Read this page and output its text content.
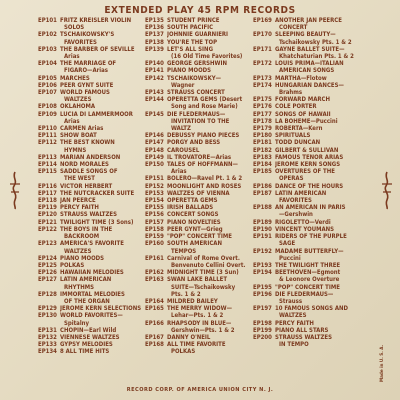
EXTENDED PLAY 45 RPM RECORDS
EP101 FRITZ KREISLER VIOLIN
SOLOS
EP102 TSCHAIKOWSKY'S
FAVORITES
EP103 THE BARBER OF SEVILLE
Arias
EP104 THE MARRIAGE OF
FIGARO—Arias
EP105 MARCHES
EP106 PEER GYNT SUITE
EP107 WORLD FAMOUS
WALTZES
EP108 OKLAHOMA
EP109 LUCIA DI LAMMERMOOR
Arias
EP110 CARMEN Arias
EP111 SHOW BOAT
EP112 THE BEST KNOWN
HYMNS
EP113 MARIAN ANDERSON
EP114 NORD MORALES
EP115 SADDLE SONGS OF
THE WEST
EP116 VICTOR HERBERT
EP117 THE NUTCRACKER SUITE
EP118 JAN PEERCE
EP119 PERCY FAITH
EP120 STRAUSS WALTZES
EP121 TWILIGHT TIME (3 Sons)
EP122 THE BOYS IN THE
BACKROOM
EP123 AMERICA'S FAVORITE
WALTZES
EP124 PIANO MOODS
EP125 POLKAS
EP126 HAWAIIAN MELODIES
EP127 LATIN AMERICAN
RHYTHMS
EP128 IMMORTAL MELODIES
OF THE ORGAN
EP129 JEROME KERN SELECTIONS
EP130 WORLD FAVORITES—
Spitalny
EP131 CHOPIN—Earl Wild
EP132 VIENNESE WALTZES
EP133 GYPSY MELODIES
EP134 8 ALL TIME HITS
EP135 STUDENT PRINCE
EP136 SOUTH PACIFIC
EP137 JOHNNIE GUARNIERI
EP138 YOU'RE THE TOP
EP139 LET'S ALL SING
(16 Old Time Favorites)
EP140 GEORGE GERSHWIN
EP141 PIANO MOODS
EP142 TSCHAIKOWSKY—
Wagner
EP143 STRAUSS CONCERT
EP144 OPERETTA GEMS (Desert
Song and Rose Marie)
EP145 DIE FLEDERMAUS—
INVITATION TO THE
WALTZ
EP146 DEBUSSY PIANO PIECES
EP147 PORGY AND BESS
EP148 CAROUSEL
EP149 IL TROVATORE—Arias
EP150 TALES OF HOFFMANN—
Arias
EP151 BOLERO—Ravel Pt. 1 & 2
EP152 MOONLIGHT AND ROSES
EP153 WALTZES OF VIENNA
EP154 OPERETTA GEMS
EP155 IRISH BALLADS
EP156 CONCERT SONGS
EP157 PIANO NOVELTIES
EP158 PEER GYNT—Grieg
EP159 "POP" CONCERT TIME
EP160 SOUTH AMERICAN
TEMPOS
EP161 Carnival of Rome Overt.
Benvenuto Cellini Overt.
EP162 MIDNIGHT TIME (3 Sun)
EP163 SWAN LAKE BALLET
SUITE—Tschaikowsky
Pts. 1 & 2
EP164 MILDRED BAILEY
EP165 THE MERRY WIDOW—
Lehar—Pts. 1 & 2
EP166 RHAPSODY IN BLUE—
Gershwin—Pts. 1 & 2
EP167 DANNY O'NEIL
EP168 ALL TIME FAVORITE
POLKAS
EP169 ANOTHER JAN PEERCE
CONCERT
EP170 SLEEPING BEAUTY—
Tschaikowsky Pts. 1 & 2
EP171 GAYNE BALLET SUITE—
Khatchaturian Pts. 1 & 2
EP172 LOUIS PRIMA—ITALIAN
AMERICAN SONGS
EP173 MARTHA—Flotow
EP174 HUNGARIAN DANCES—
Brahms
EP175 FORWARD MARCH
EP176 COLE PORTER
EP177 SONGS OF HAWAII
EP178 LA BOHEME—Puccini
EP179 ROBERTA—Kern
EP180 SPIRITUALS
EP181 TODD DUNCAN
EP182 GILBERT & SULLIVAN
EP183 FAMOUS TENOR ARIAS
EP184 JEROME KERN SONGS
EP185 OVERTURES OF THE
OPERAS
EP186 DANCE OF THE HOURS
EP187 LATIN AMERICAN
FAVORITES
EP188 AN AMERICAN IN PARIS
—Gershwin
EP189 RIGOLETTO—Verdi
EP190 VINCENT YOUMANS
EP191 RIDERS OF THE PURPLE
SAGE
EP192 MADAME BUTTERFLY—
Puccini
EP193 THE TWILIGHT THREE
EP194 BEETHOVEN—Egmont
& Leonore Overture
EP195 "POP" CONCERT TIME
EP196 DIE FLEDERMAUS—
Strauss
EP197 10 FAMOUS SONGS AND
WALTZES
EP198 PERCY FAITH
EP199 PIANO ALL STARS
EP200 STRAUSS WALTZES
IN TEMPO
Made in U. S. A.
RECORD CORP. OF AMERICA UNION CITY N. J.
